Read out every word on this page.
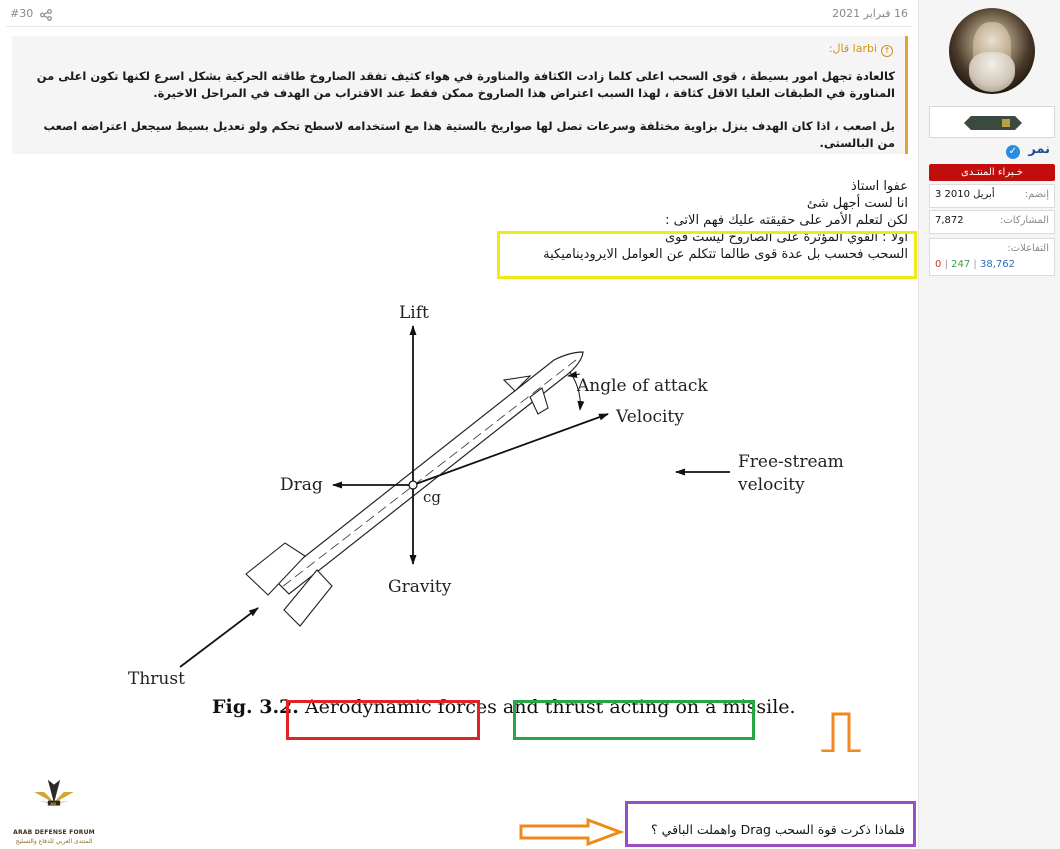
16 فبراير 2021
#30
↑larbi قال:
كالعادة تجهل امور بسيطة ، قوى السحب اعلى كلما زادت الكثافة والمناورة في هواء كثيف تفقد الصاروخ طاقته الحركية بشكل اسرع لكنها تكون اعلى من المناورة في الطبقات العليا الاقل كثافة ، لهذا السبب اعتراض هذا الصاروخ ممكن فقط عند الاقتراب من الهدف في المراحل الاخيرة.
بل اصعب ، اذا كان الهدف ينزل بزاوية مختلفة وسرعات تصل لها صواريخ بالستية هذا مع استخدامه لاسطح تحكم ولو تعديل بسيط سيجعل اعتراضه اصعب من البالستى.
عفوا استاذ
انا لست أجهل شئ
لكن لتعلم الأمر على حقيقته عليك فهم الاتى :
اولا : القوي المؤثرة على الصاروخ ليست قوى
السحب فحسب بل عدة قوى طالما تتكلم عن العوامل الايروديناميكية
Lift
Drag
Gravity
Thrust
cg
Angle of attack
Velocity
Free-stream
velocity
Fig. 3.2. Aerodynamic forces and thrust acting on a missile.
فلماذا ذكرت قوة السحب Drag واهملت الباقي ؟
AD
ARAB DEFENSE FORUM
المنتدى العربي للدفاع والتسليح
نمر ✓
خـبراء المنتـدى
إنضم:
3 أبريل 2010
المشاركات:
7,872
التفاعلات:
0 | 247 | 38,762
